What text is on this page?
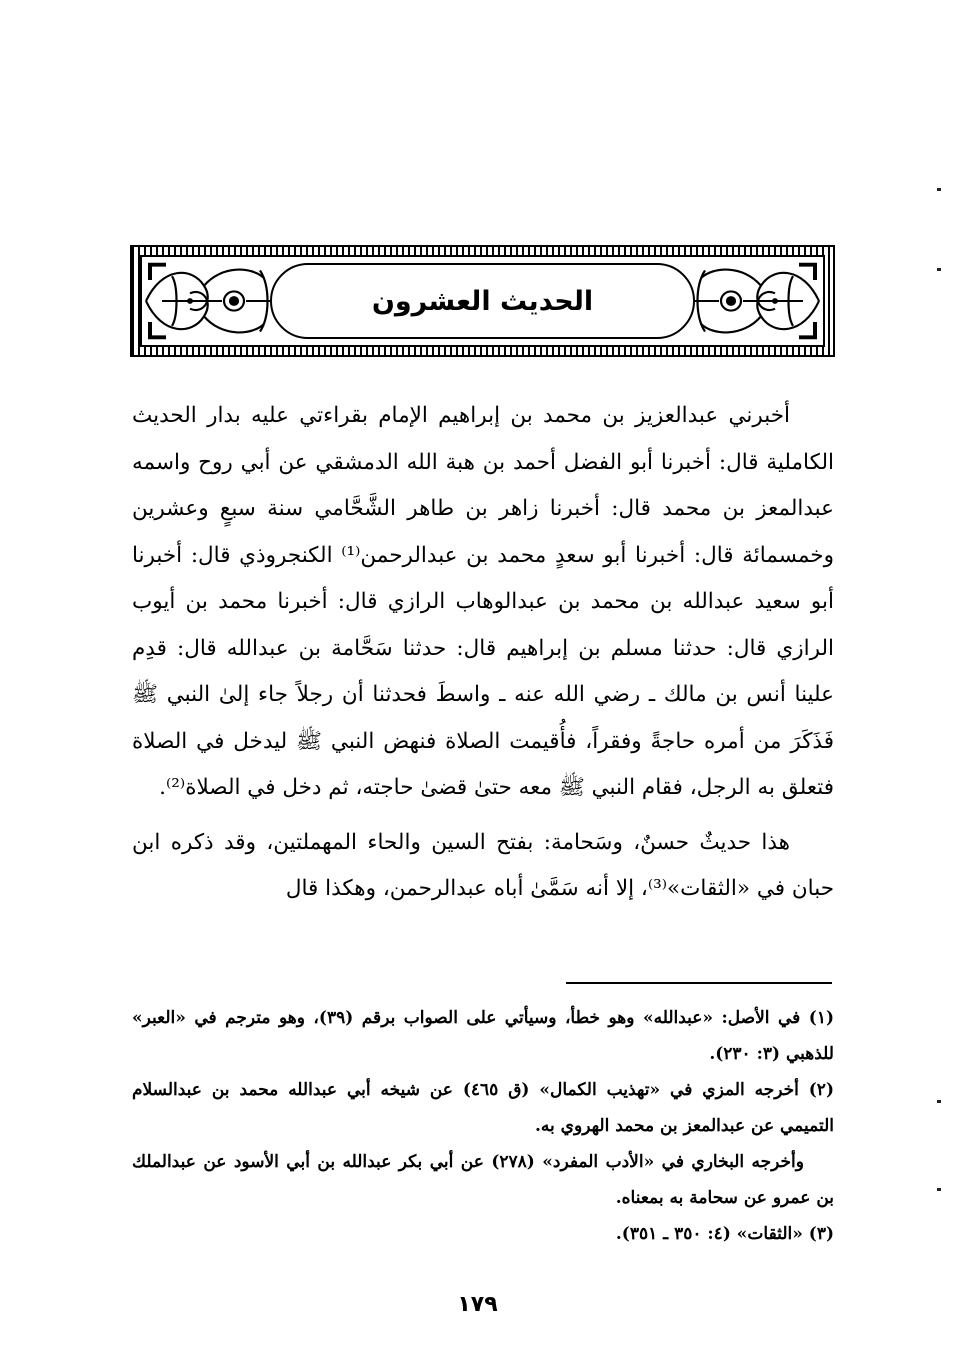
الحديث العشرون

أخبرني عبدالعزيز بن محمد بن إبراهيم الإمام بقراءتي عليه بدار الحديث الكاملية قال: أخبرنا أبو الفضل أحمد بن هبة الله الدمشقي عن أبي روح واسمه عبدالمعز بن محمد قال: أخبرنا زاهر بن طاهر الشَّحَّامي سنة سبعٍ وعشرين وخمسمائة قال: أخبرنا أبو سعدٍ محمد بن عبدالرحمن⁽¹⁾ الكنجروذي قال: أخبرنا أبو سعيد عبدالله بن محمد بن عبدالوهاب الرازي قال: أخبرنا محمد بن أيوب الرازي قال: حدثنا مسلم بن إبراهيم قال: حدثنا سَحَّامة بن عبدالله قال: قدِم علينا أنس بن مالك ـ رضي الله عنه ـ واسطَ فحدثنا أن رجلاً جاء إلىٰ النبي ﷺ فَذَكَرَ من أمره حاجةً وفقراً، فأُقيمت الصلاة فنهض النبي ﷺ ليدخل في الصلاة فتعلق به الرجل، فقام النبي ﷺ معه حتىٰ قضىٰ حاجته، ثم دخل في الصلاة⁽²⁾.

هذا حديثٌ حسنٌ، وسَحامة: بفتح السين والحاء المهملتين، وقد ذكره ابن حبان في «الثقات»⁽³⁾، إلا أنه سَمَّىٰ أباه عبدالرحمن، وهكذا قال

(١) في الأصل: «عبدالله» وهو خطأ، وسيأتي على الصواب برقم (٣٩)، وهو مترجم في «العبر» للذهبي (٣: ٢٣٠).

(٢) أخرجه المزي في «تهذيب الكمال» (ق ٤٦٥) عن شيخه أبي عبدالله محمد بن عبدالسلام التميمي عن عبدالمعز بن محمد الهروي به.

وأخرجه البخاري في «الأدب المفرد» (٢٧٨) عن أبي بكر عبدالله بن أبي الأسود عن عبدالملك بن عمرو عن سحامة به بمعناه.

(٣) «الثقات» (٤: ٣٥٠ ـ ٣٥١).

١٧٩
